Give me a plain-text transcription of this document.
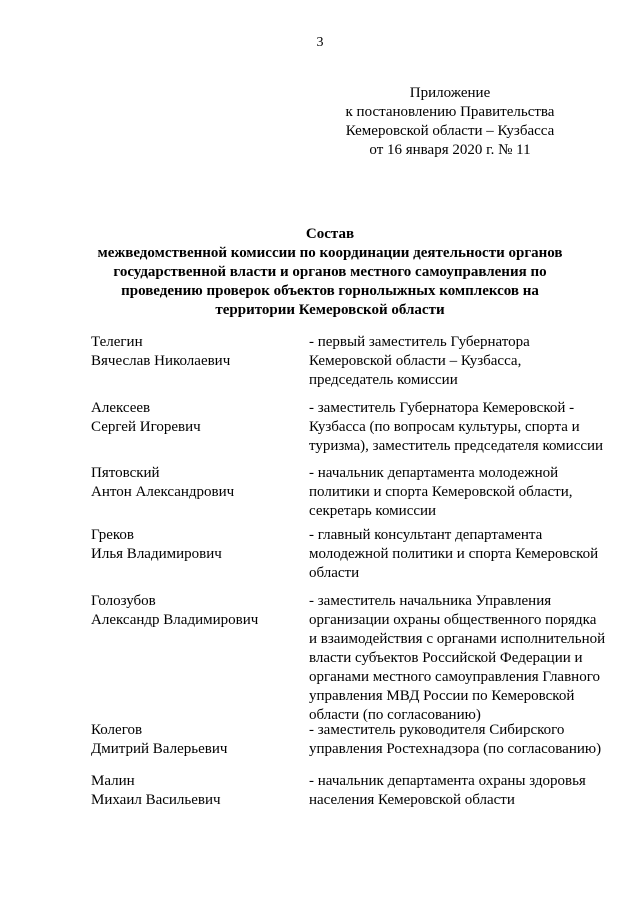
3
Приложение
к постановлению Правительства
Кемеровской области – Кузбасса
от 16 января 2020 г. № 11
Состав
межведомственной комиссии по координации деятельности органов
государственной власти и органов местного самоуправления по
проведению проверок объектов горнолыжных комплексов на
территории Кемеровской области
Телегин
Вячеслав Николаевич
- первый заместитель Губернатора
Кемеровской области – Кузбасса,
председатель комиссии
Алексеев
Сергей Игоревич
- заместитель Губернатора Кемеровской -
Кузбасса (по вопросам культуры, спорта и
туризма), заместитель председателя комиссии
Пятовский
Антон Александрович
- начальник департамента молодежной
политики и спорта Кемеровской области,
секретарь комиссии
Греков
Илья Владимирович
- главный консультант департамента
молодежной политики и спорта Кемеровской
области
Голозубов
Александр Владимирович
- заместитель начальника Управления
организации охраны общественного порядка
и взаимодействия с органами исполнительной
власти субъектов Российской Федерации и
органами местного самоуправления Главного
управления МВД России по Кемеровской
области (по согласованию)
Колегов
Дмитрий Валерьевич
- заместитель руководителя Сибирского
управления Ростехнадзора (по согласованию)
Малин
Михаил Васильевич
- начальник департамента охраны здоровья
населения Кемеровской области
